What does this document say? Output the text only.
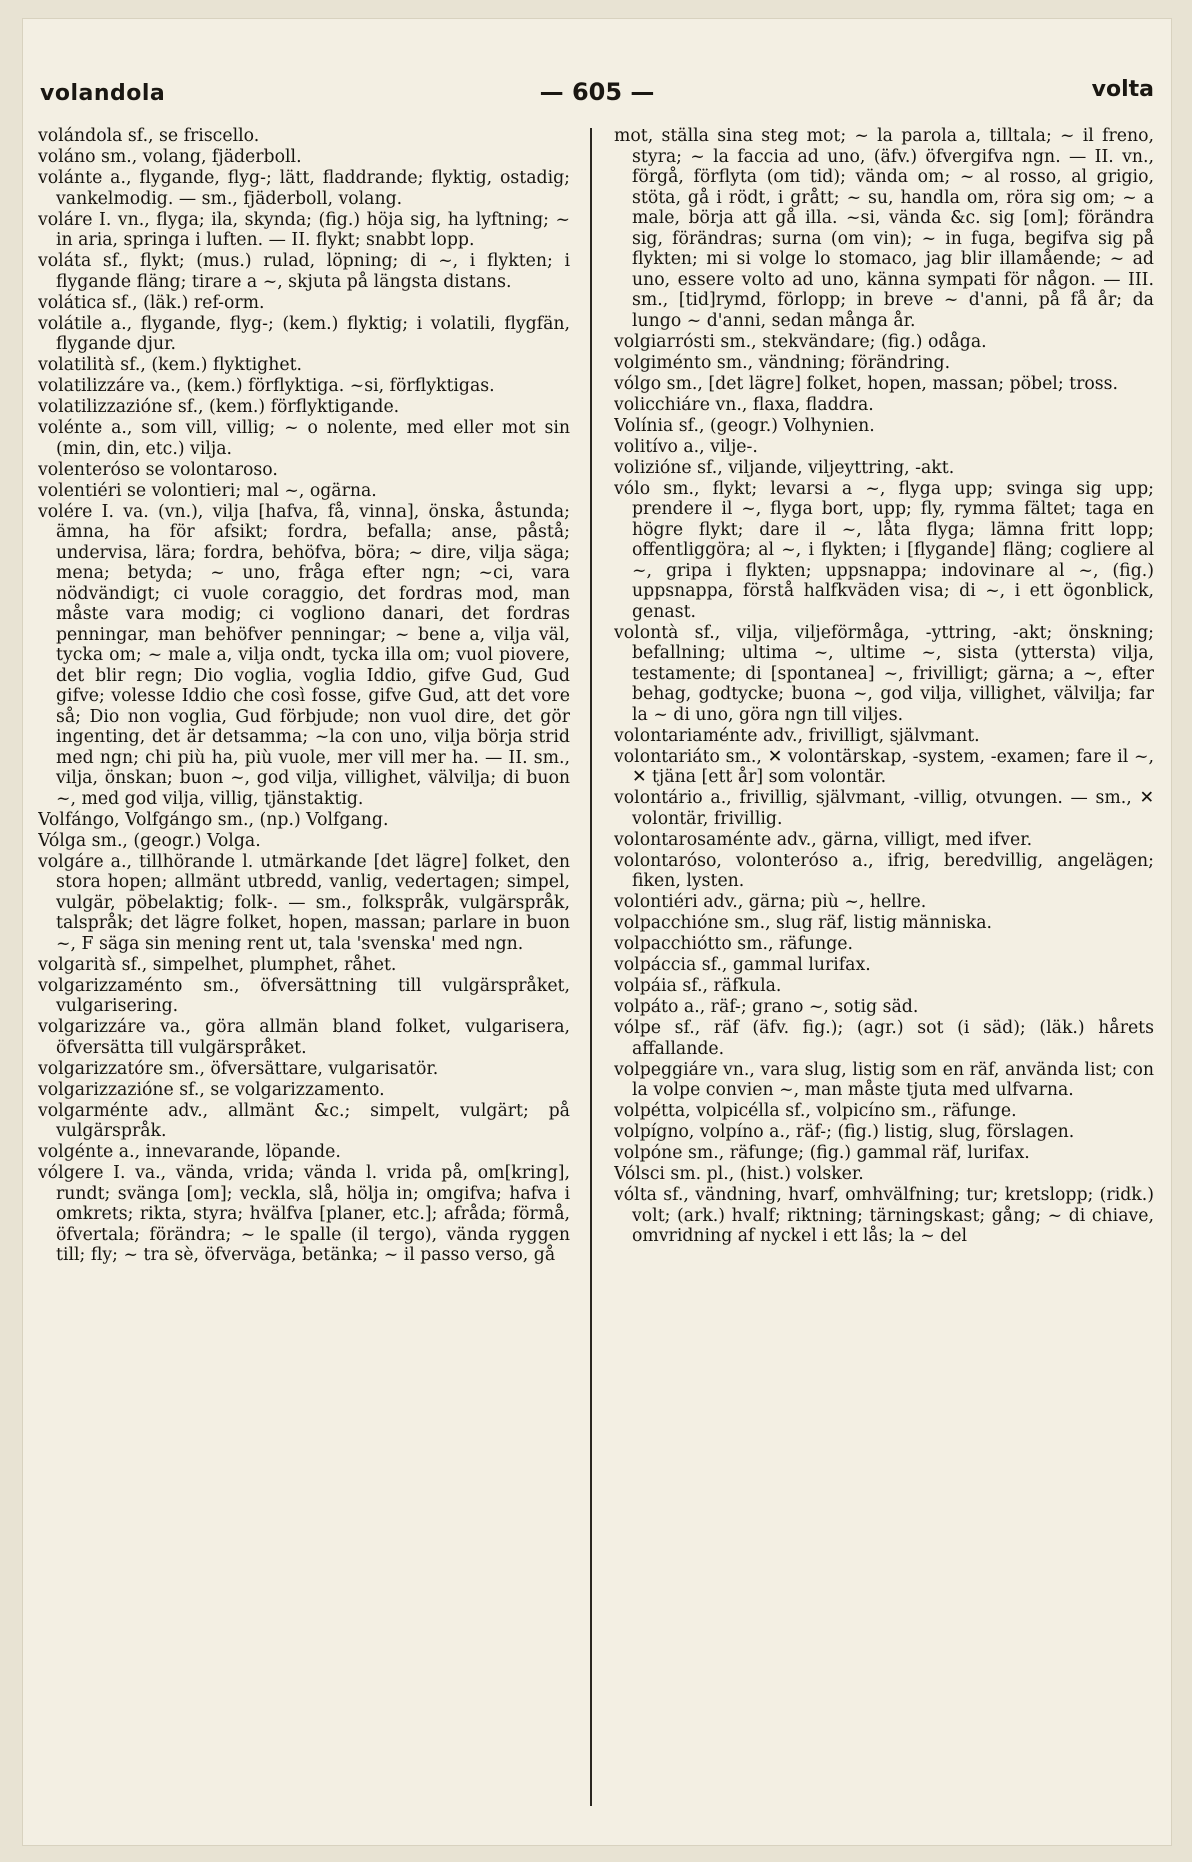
volandola	— 605 —	volta

volándola sf., se friscello.

voláno sm., volang, fjäderboll.

volánte a., flygande, flyg-; lätt, fladdrande; flyktig, ostadig; vankelmodig. — sm., fjäderboll, volang.

voláre I. vn., flyga; ila, skynda; (fig.) höja sig, ha lyftning; ~ in aria, springa i luften. — II. flykt; snabbt lopp.

voláta sf., flykt; (mus.) rulad, löpning; di ~, i flykten; i flygande fläng; tirare a ~, skjuta på längsta distans.

volática sf., (läk.) ref-orm.

volátile a., flygande, flyg-; (kem.) flyktig; i volatili, flygfän, flygande djur.

volatilità sf., (kem.) flyktighet.

volatilizzáre va., (kem.) förflyktiga. ~si, förflyktigas.

volatilizzazióne sf., (kem.) förflyktigande.

volénte a., som vill, villig; ~ o nolente, med eller mot sin (min, din, etc.) vilja.

volenteróso se volontaroso.

volentiéri se volontieri; mal ~, ogärna.

volére I. va. (vn.), vilja [hafva, få, vinna], önska, åstunda; ämna, ha för afsikt; fordra, befalla; anse, påstå; undervisa, lära; fordra, behöfva, böra; ~ dire, vilja säga; mena; betyda; ~ uno, fråga efter ngn; ~ci, vara nödvändigt; ci vuole coraggio, det fordras mod, man måste vara modig; ci vogliono danari, det fordras penningar, man behöfver penningar; ~ bene a, vilja väl, tycka om; ~ male a, vilja ondt, tycka illa om; vuol piovere, det blir regn; Dio voglia, voglia Iddio, gifve Gud, Gud gifve; volesse Iddio che così fosse, gifve Gud, att det vore så; Dio non voglia, Gud förbjude; non vuol dire, det gör ingenting, det är detsamma; ~la con uno, vilja börja strid med ngn; chi più ha, più vuole, mer vill mer ha. — II. sm., vilja, önskan; buon ~, god vilja, villighet, välvilja; di buon ~, med god vilja, villig, tjänstaktig.

Volfángo, Volfgángo sm., (np.) Volfgang.

Vólga sm., (geogr.) Volga.

volgáre a., tillhörande l. utmärkande [det lägre] folket, den stora hopen; allmänt utbredd, vanlig, vedertagen; simpel, vulgär, pöbelaktig; folk-. — sm., folkspråk, vulgärspråk, talspråk; det lägre folket, hopen, massan; parlare in buon ~, F säga sin mening rent ut, tala 'svenska' med ngn.

volgarità sf., simpelhet, plumphet, råhet.

volgarizzaménto sm., öfversättning till vulgärspråket, vulgarisering.

volgarizzáre va., göra allmän bland folket, vulgarisera, öfversätta till vulgärspråket.

volgarizzatóre sm., öfversättare, vulgarisatör.

volgarizzazióne sf., se volgarizzamento.

volgarménte adv., allmänt &c.; simpelt, vulgärt; på vulgärspråk.

volgénte a., innevarande, löpande.

vólgere I. va., vända, vrida; vända l. vrida på, om[kring], rundt; svänga [om]; veckla, slå, hölja in; omgifva; hafva i omkrets; rikta, styra; hvälfva [planer, etc.]; afråda; förmå, öfvertala; förändra; ~ le spalle (il tergo), vända ryggen till; fly; ~ tra sè, öfverväga, betänka; ~ il passo verso, gå

mot, ställa sina steg mot; ~ la parola a, tilltala; ~ il freno, styra; ~ la faccia ad uno, (äfv.) öfvergifva ngn. — II. vn., förgå, förflyta (om tid); vända om; ~ al rosso, al grigio, stöta, gå i rödt, i grått; ~ su, handla om, röra sig om; ~ a male, börja att gå illa. ~si, vända &c. sig [om]; förändra sig, förändras; surna (om vin); ~ in fuga, begifva sig på flykten; mi si volge lo stomaco, jag blir illamående; ~ ad uno, essere volto ad uno, känna sympati för någon. — III. sm., [tid]rymd, förlopp; in breve ~ d'anni, på få år; da lungo ~ d'anni, sedan många år.

volgiarrósti sm., stekvändare; (fig.) odåga.

volgiménto sm., vändning; förändring.

vólgo sm., [det lägre] folket, hopen, massan; pöbel; tross.

volicchiáre vn., flaxa, fladdra.

Volínia sf., (geogr.) Volhynien.

volitívo a., vilje-.

volizióne sf., viljande, viljeyttring, -akt.

vólo sm., flykt; levarsi a ~, flyga upp; svinga sig upp; prendere il ~, flyga bort, upp; fly, rymma fältet; taga en högre flykt; dare il ~, låta flyga; lämna fritt lopp; offentliggöra; al ~, i flykten; i [flygande] fläng; cogliere al ~, gripa i flykten; uppsnappa; indovinare al ~, (fig.) uppsnappa, förstå halfkväden visa; di ~, i ett ögonblick, genast.

volontà sf., vilja, viljeförmåga, -yttring, -akt; önskning; befallning; ultima ~, ultime ~, sista (yttersta) vilja, testamente; di [spontanea] ~, frivilligt; gärna; a ~, efter behag, godtycke; buona ~, god vilja, villighet, välvilja; far la ~ di uno, göra ngn till viljes.

volontariaménte adv., frivilligt, självmant.

volontariáto sm., ✕ volontärskap, -system, -examen; fare il ~, ✕ tjäna [ett år] som volontär.

volontário a., frivillig, självmant, -villig, otvungen. — sm., ✕ volontär, frivillig.

volontarosaménte adv., gärna, villigt, med ifver.

volontaróso, volonteróso a., ifrig, beredvillig, angelägen; fiken, lysten.

volontiéri adv., gärna; più ~, hellre.

volpacchióne sm., slug räf, listig människa.

volpacchiótto sm., räfunge.

volpáccia sf., gammal lurifax.

volpáia sf., räfkula.

volpáto a., räf-; grano ~, sotig säd.

vólpe sf., räf (äfv. fig.); (agr.) sot (i säd); (läk.) hårets affallande.

volpeggiáre vn., vara slug, listig som en räf, använda list; con la volpe convien ~, man måste tjuta med ulfvarna.

volpétta, volpicélla sf., volpicíno sm., räfunge.

volpígno, volpíno a., räf-; (fig.) listig, slug, förslagen.

volpóne sm., räfunge; (fig.) gammal räf, lurifax.

Vólsci sm. pl., (hist.) volsker.

vólta sf., vändning, hvarf, omhvälfning; tur; kretslopp; (ridk.) volt; (ark.) hvalf; riktning; tärningskast; gång; ~ di chiave, omvridning af nyckel i ett lås; la ~ del
